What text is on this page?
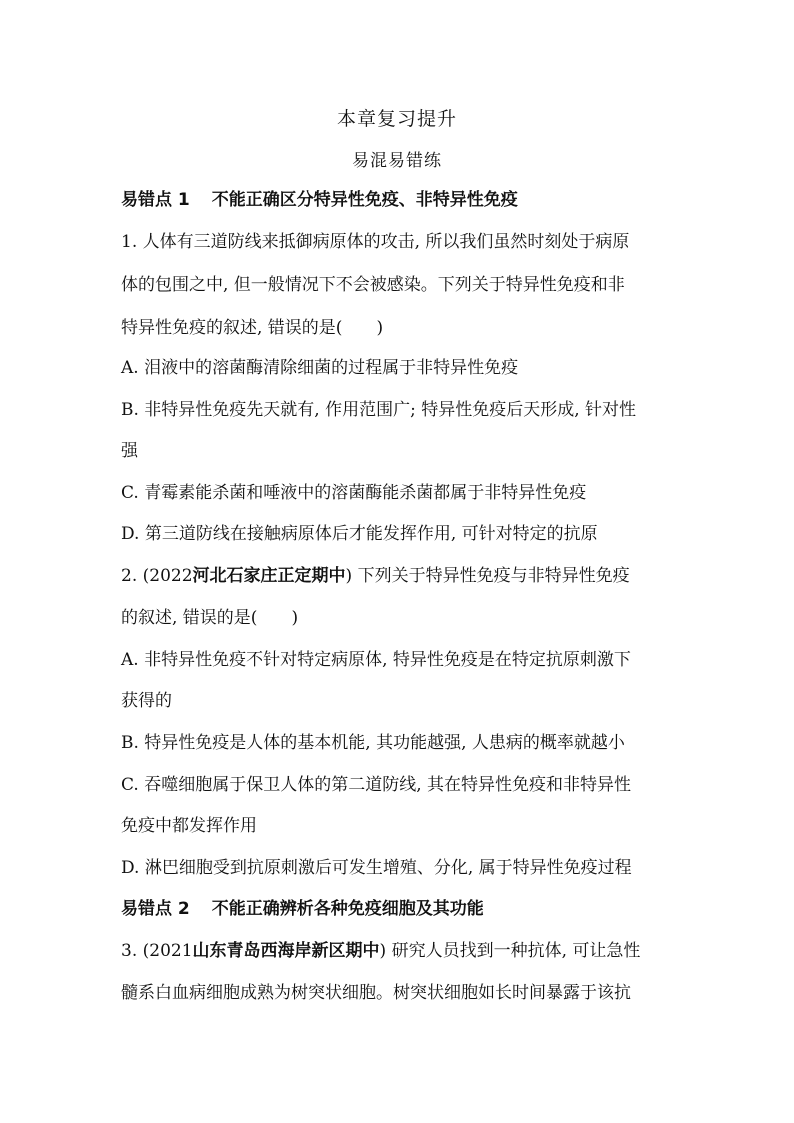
本章复习提升
易混易错练
易错点 1 不能正确区分特异性免疫、非特异性免疫
1. 人体有三道防线来抵御病原体的攻击, 所以我们虽然时刻处于病原
体的包围之中, 但一般情况下不会被感染。下列关于特异性免疫和非
特异性免疫的叙述, 错误的是(　　)
A. 泪液中的溶菌酶清除细菌的过程属于非特异性免疫
B. 非特异性免疫先天就有, 作用范围广; 特异性免疫后天形成, 针对性
强
C. 青霉素能杀菌和唾液中的溶菌酶能杀菌都属于非特异性免疫
D. 第三道防线在接触病原体后才能发挥作用, 可针对特定的抗原
2. (2022河北石家庄正定期中) 下列关于特异性免疫与非特异性免疫
的叙述, 错误的是(　　)
A. 非特异性免疫不针对特定病原体, 特异性免疫是在特定抗原刺激下
获得的
B. 特异性免疫是人体的基本机能, 其功能越强, 人患病的概率就越小
C. 吞噬细胞属于保卫人体的第二道防线, 其在特异性免疫和非特异性
免疫中都发挥作用
D. 淋巴细胞受到抗原刺激后可发生增殖、分化, 属于特异性免疫过程
易错点 2 不能正确辨析各种免疫细胞及其功能
3. (2021山东青岛西海岸新区期中) 研究人员找到一种抗体, 可让急性
髓系白血病细胞成熟为树突状细胞。树突状细胞如长时间暴露于该抗
